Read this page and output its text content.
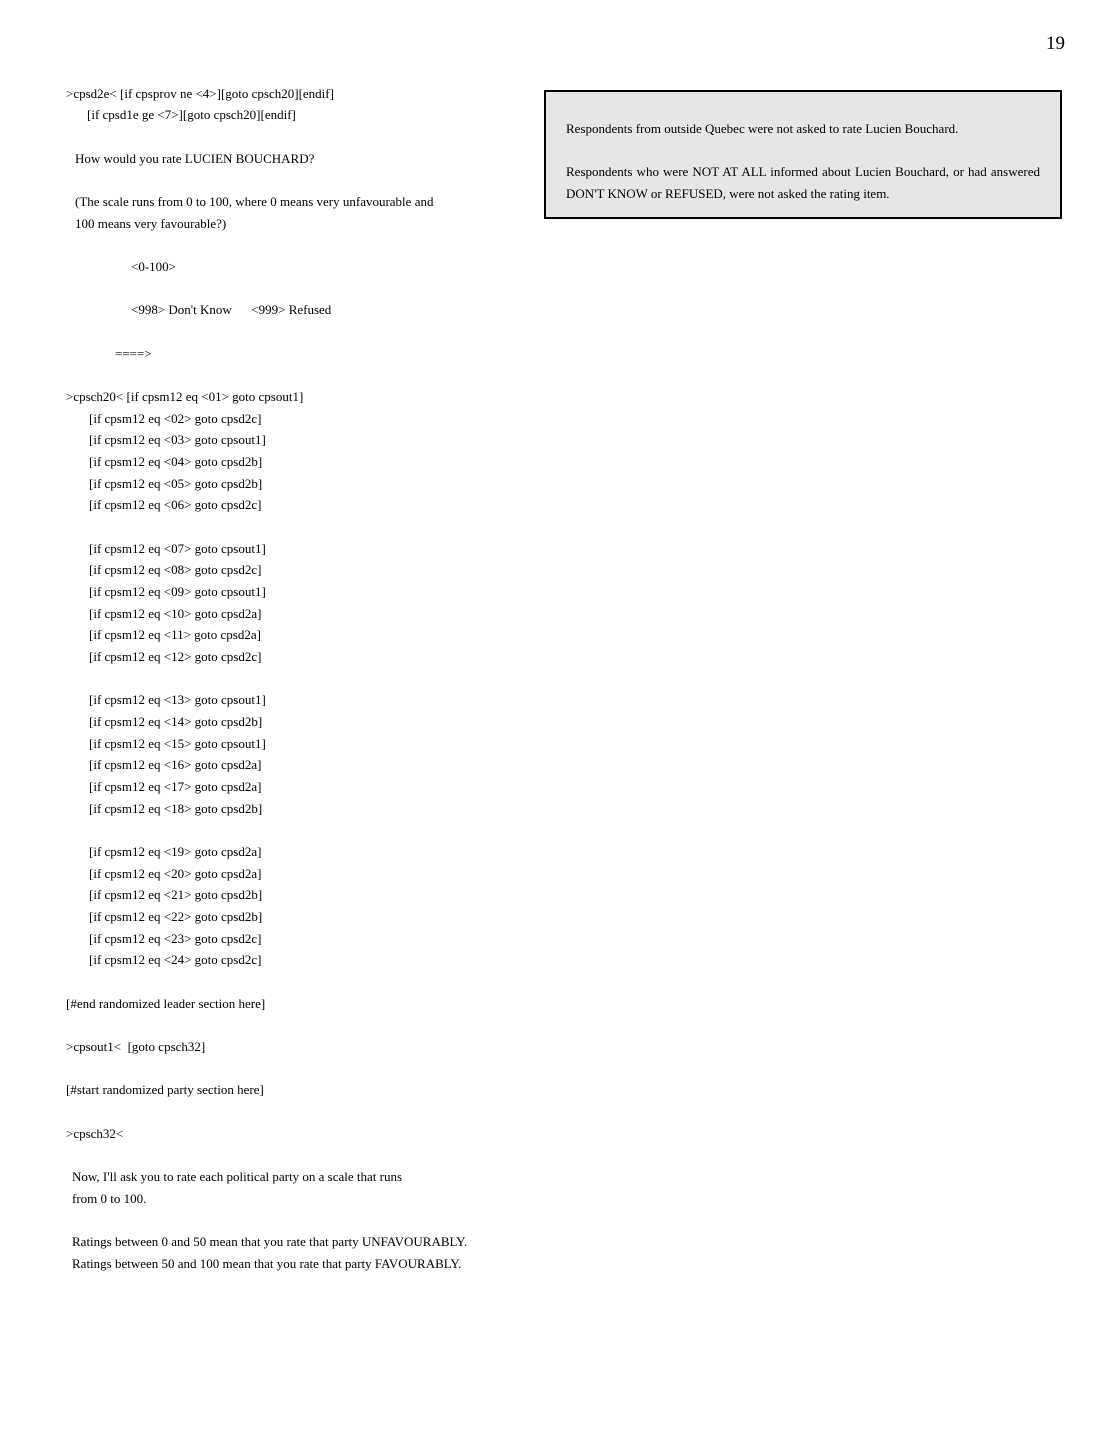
19
>cpsd2e< [if cpsprov ne <4>][goto cpsch20][endif]
[if cpsd1e ge <7>][goto cpsch20][endif]
How would you rate LUCIEN BOUCHARD?
(The scale runs from 0 to 100, where 0 means very unfavourable and
100 means very favourable?)
<0-100>
<998> Don't Know      <999> Refused
====>
>cpsch20< [if cpsm12 eq <01> goto cpsout1]
[if cpsm12 eq <02> goto cpsd2c]
[if cpsm12 eq <03> goto cpsout1]
[if cpsm12 eq <04> goto cpsd2b]
[if cpsm12 eq <05> goto cpsd2b]
[if cpsm12 eq <06> goto cpsd2c]
[if cpsm12 eq <07> goto cpsout1]
[if cpsm12 eq <08> goto cpsd2c]
[if cpsm12 eq <09> goto cpsout1]
[if cpsm12 eq <10> goto cpsd2a]
[if cpsm12 eq <11> goto cpsd2a]
[if cpsm12 eq <12> goto cpsd2c]
[if cpsm12 eq <13> goto cpsout1]
[if cpsm12 eq <14> goto cpsd2b]
[if cpsm12 eq <15> goto cpsout1]
[if cpsm12 eq <16> goto cpsd2a]
[if cpsm12 eq <17> goto cpsd2a]
[if cpsm12 eq <18> goto cpsd2b]
[if cpsm12 eq <19> goto cpsd2a]
[if cpsm12 eq <20> goto cpsd2a]
[if cpsm12 eq <21> goto cpsd2b]
[if cpsm12 eq <22> goto cpsd2b]
[if cpsm12 eq <23> goto cpsd2c]
[if cpsm12 eq <24> goto cpsd2c]
[#end randomized leader section here]
>cpsout1<  [goto cpsch32]
[#start randomized party section here]
>cpsch32<
Now, I'll ask you to rate each political party on a scale that runs
from 0 to 100.
Ratings between 0 and 50 mean that you rate that party UNFAVOURABLY.
Ratings between 50 and 100 mean that you rate that party FAVOURABLY.

Respondents from outside Quebec were not asked to rate Lucien Bouchard.

Respondents who were NOT AT ALL informed about Lucien Bouchard, or had answered DON'T KNOW or REFUSED, were not asked the rating item.
